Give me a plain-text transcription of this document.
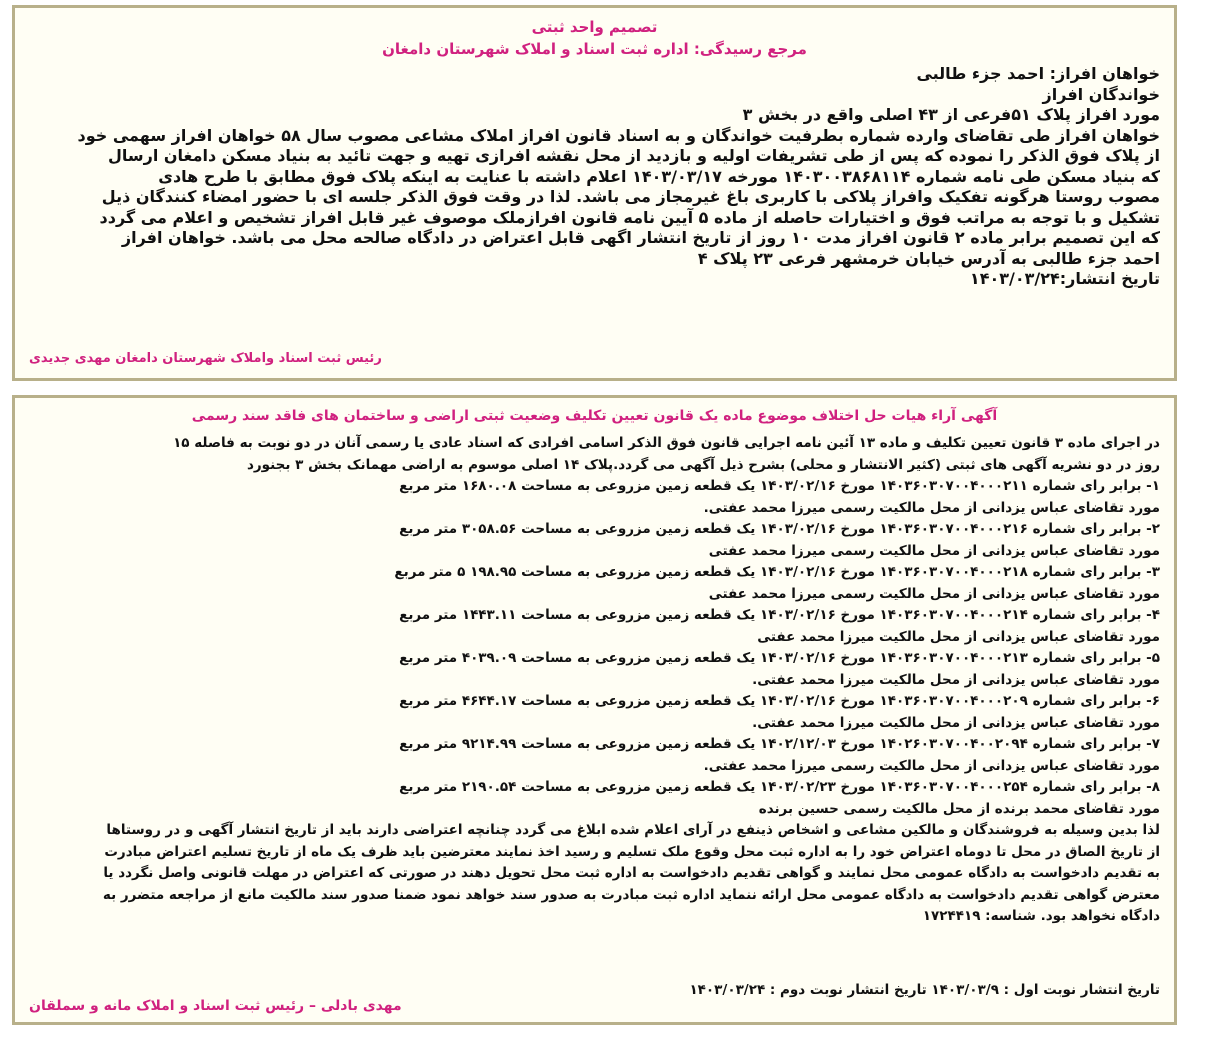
تصمیم واحد ثبتی
مرجع رسیدگی: اداره ثبت اسناد و املاک شهرستان دامغان

خواهان افراز: احمد جزء طالبی

خواندگان افراز

مورد افراز پلاک ۵۱فرعی از ۴۳ اصلی واقع در بخش ۳

خواهان افراز طی تقاضای وارده شماره بطرفیت خواندگان و به اسناد قانون افراز املاک مشاعی مصوب سال ۵۸ خواهان افراز سهمی خود

از پلاک فوق الذکر را نموده که پس از طی تشریفات اولیه و بازدید از محل نقشه افرازی تهیه و جهت تائید به بنیاد مسکن دامغان ارسال

که بنیاد مسکن طی نامه شماره ۱۴۰۳۰۰۳۸۶۸۱۱۴ مورخه ۱۴۰۳/۰۳/۱۷ اعلام داشته با عنایت به اینکه پلاک فوق مطابق با طرح هادی

مصوب روستا هرگونه تفکیک وافراز پلاکی با کاربری باغ غیرمجاز می باشد. لذا در وقت فوق الذکر جلسه ای با حضور امضاء کنندگان ذیل

تشکیل و با توجه به مراتب فوق و اختیارات حاصله از ماده ۵ آیین نامه قانون افرازملک موصوف غیر قابل افراز تشخیص و اعلام می گردد

که این تصمیم برابر ماده ۲ قانون افراز مدت ۱۰ روز از تاریخ انتشار اگهی قابل اعتراض در دادگاه صالحه محل می باشد. خواهان افراز

احمد جزء طالبی به آدرس خیابان خرمشهر فرعی ۲۳ پلاک ۴

تاریخ انتشار:۱۴۰۳/۰۳/۲۴

رئیس ثبت اسناد واملاک شهرستان دامغان مهدی جدیدی
آگهی آراء هیات حل اختلاف موضوع ماده یک قانون تعیین تکلیف وضعیت ثبتی اراضی و ساختمان های فاقد سند رسمی

در اجرای ماده ۳ قانون تعیین تکلیف و ماده ۱۳ آئین نامه اجرایی قانون فوق الذکر اسامی افرادی که اسناد عادی یا رسمی آنان در دو نوبت به فاصله ۱۵

روز در دو نشریه آگهی های ثبتی (کثیر الانتشار و محلی) بشرح ذیل آگهی می گردد.پلاک ۱۴ اصلی موسوم به اراضی مهمانک بخش ۳ بجنورد

۱- برابر رای شماره ۱۴۰۳۶۰۳۰۷۰۰۴۰۰۰۲۱۱ مورخ ۱۴۰۳/۰۲/۱۶ یک قطعه زمین مزروعی به مساحت ۱۶۸۰.۰۸ متر مربع

مورد تقاضای عباس یزدانی از محل مالکیت رسمی میرزا محمد عفتی.

۲- برابر رای شماره ۱۴۰۳۶۰۳۰۷۰۰۴۰۰۰۲۱۶ مورخ ۱۴۰۳/۰۲/۱۶ یک قطعه زمین مزروعی به مساحت ۳۰۵۸.۵۶ متر مربع

مورد تقاضای عباس یزدانی از محل مالکیت رسمی میرزا محمد عفتی

۳- برابر رای شماره ۱۴۰۳۶۰۳۰۷۰۰۴۰۰۰۲۱۸ مورخ ۱۴۰۳/۰۲/۱۶ یک قطعه زمین مزروعی به مساحت ۱۹۸.۹۵ ۵ متر مربع

مورد تقاضای عباس یزدانی از محل مالکیت رسمی میرزا محمد عفتی

۴- برابر رای شماره ۱۴۰۳۶۰۳۰۷۰۰۴۰۰۰۲۱۴ مورخ ۱۴۰۳/۰۲/۱۶ یک قطعه زمین مزروعی به مساحت ۱۴۴۳.۱۱ متر مربع

مورد تقاضای عباس یزدانی از محل مالکیت میرزا محمد عفتی

۵- برابر رای شماره ۱۴۰۳۶۰۳۰۷۰۰۴۰۰۰۲۱۳ مورخ ۱۴۰۳/۰۲/۱۶ یک قطعه زمین مزروعی به مساحت ۴۰۳۹.۰۹ متر مربع

مورد تقاضای عباس یزدانی از محل مالکیت میرزا محمد عفتی.

۶- برابر رای شماره ۱۴۰۳۶۰۳۰۷۰۰۴۰۰۰۲۰۹ مورخ ۱۴۰۳/۰۲/۱۶ یک قطعه زمین مزروعی به مساحت ۴۶۴۴.۱۷ متر مربع

مورد تقاضای عباس یزدانی از محل مالکیت میرزا محمد عفتی.

۷- برابر رای شماره ۱۴۰۲۶۰۳۰۷۰۰۴۰۰۲۰۹۴ مورخ ۱۴۰۲/۱۲/۰۳ یک قطعه زمین مزروعی به مساحت ۹۲۱۴.۹۹ متر مربع

مورد تقاضای عباس یزدانی از محل مالکیت رسمی میرزا محمد عفتی.

۸- برابر رای شماره ۱۴۰۳۶۰۳۰۷۰۰۴۰۰۰۲۵۴ مورخ ۱۴۰۳/۰۲/۲۳ یک قطعه زمین مزروعی به مساحت ۲۱۹۰.۵۴ متر مربع

مورد تقاضای محمد برنده از محل مالکیت رسمی حسین برنده

لذا بدین وسیله به فروشندگان و مالکین مشاعی و اشخاص ذینفع در آرای اعلام شده ابلاغ می گردد چنانچه اعتراضی دارند باید از تاریخ انتشار آگهی و در روستاها

از تاریخ الصاق در محل تا دوماه اعتراض خود را به اداره ثبت محل وقوع ملک تسلیم و رسید اخذ نمایند معترضین باید ظرف یک ماه از تاریخ تسلیم اعتراض مبادرت

به تقدیم دادخواست به دادگاه عمومی محل نمایند و گواهی تقدیم دادخواست به اداره ثبت محل تحویل دهند در صورتی که اعتراض در مهلت قانونی واصل نگردد یا

معترض گواهی تقدیم دادخواست به دادگاه عمومی محل ارائه ننماید اداره ثبت مبادرت به صدور سند خواهد نمود ضمنا صدور سند مالکیت مانع از مراجعه متضرر به

دادگاه نخواهد بود. شناسه: ۱۷۲۴۴۱۹

تاریخ انتشار نوبت اول : ۱۴۰۳/۰۳/۹ تاریخ انتشار نوبت دوم : ۱۴۰۳/۰۳/۲۴
مهدی بادلی – رئیس ثبت اسناد و املاک مانه و سملقان
